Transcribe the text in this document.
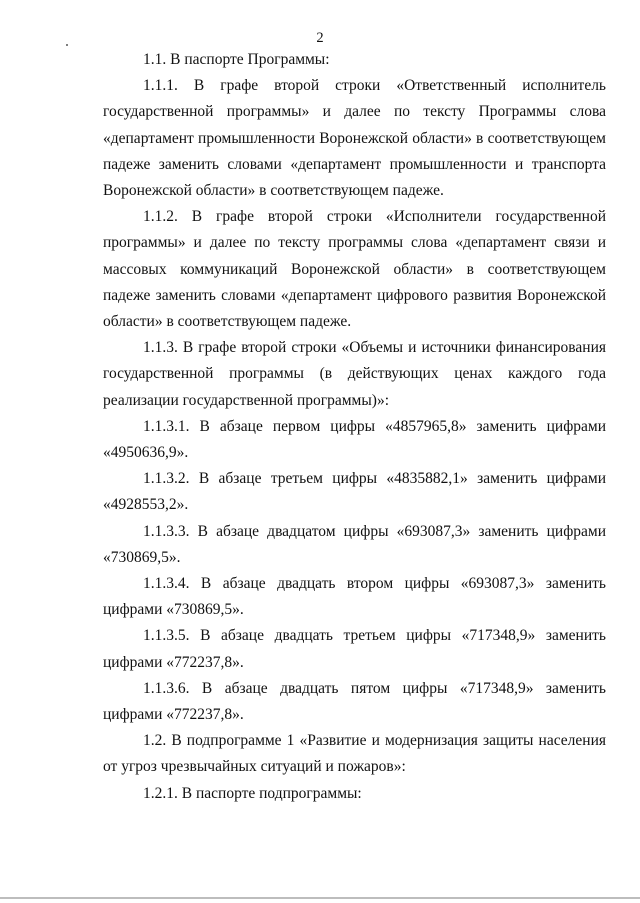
2

1.1. В паспорте Программы:

1.1.1. В графе второй строки «Ответственный исполнитель государственной программы» и далее по тексту Программы слова «департамент промышленности Воронежской области» в соответствующем падеже заменить словами «департамент промышленности и транспорта Воронежской области» в соответствующем падеже.

1.1.2. В графе второй строки «Исполнители государственной программы» и далее по тексту программы слова «департамент связи и массовых коммуникаций Воронежской области» в соответствующем падеже заменить словами «департамент цифрового развития Воронежской области» в соответствующем падеже.

1.1.3. В графе второй строки «Объемы и источники финансирования государственной программы (в действующих ценах каждого года реализации государственной программы)»:

1.1.3.1. В абзаце первом цифры «4857965,8» заменить цифрами «4950636,9».

1.1.3.2. В абзаце третьем цифры «4835882,1» заменить цифрами «4928553,2».

1.1.3.3. В абзаце двадцатом цифры «693087,3» заменить цифрами «730869,5».

1.1.3.4. В абзаце двадцать втором цифры «693087,3» заменить цифрами «730869,5».

1.1.3.5. В абзаце двадцать третьем цифры «717348,9» заменить цифрами «772237,8».

1.1.3.6. В абзаце двадцать пятом цифры «717348,9» заменить цифрами «772237,8».

1.2. В подпрограмме 1 «Развитие и модернизация защиты населения от угроз чрезвычайных ситуаций и пожаров»:

1.2.1. В паспорте подпрограммы:
